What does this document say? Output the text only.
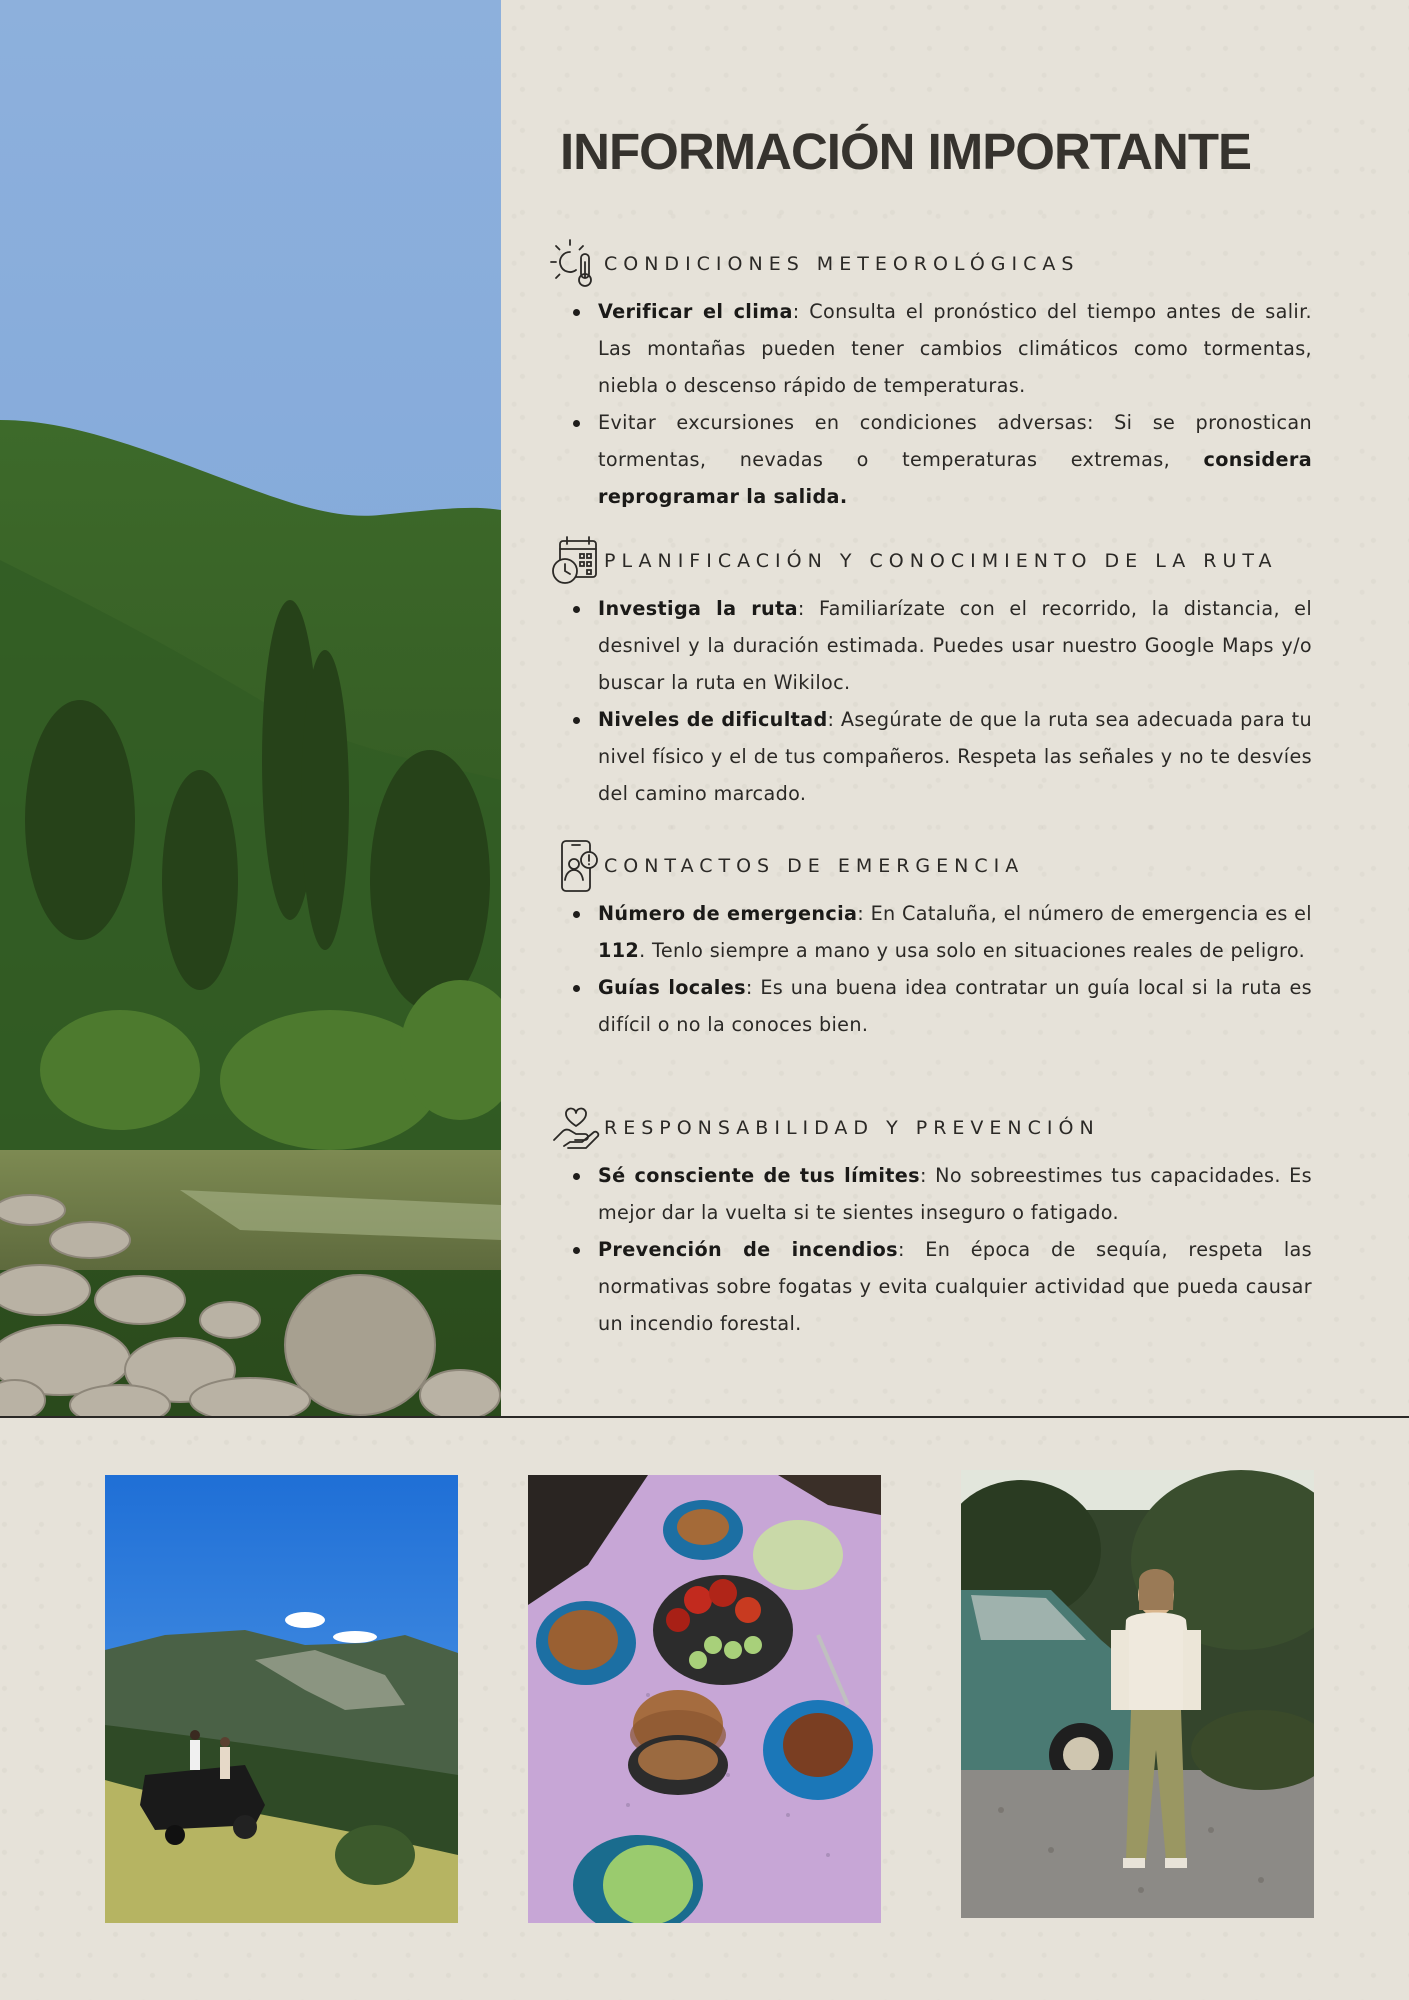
INFORMACIÓN IMPORTANTE
CONDICIONES METEOROLÓGICAS
Verificar el clima: Consulta el pronóstico del tiempo antes de salir. Las montañas pueden tener cambios climáticos como tormentas, niebla o descenso rápido de temperaturas.
Evitar excursiones en condiciones adversas: Si se pronostican tormentas, nevadas o temperaturas extremas, considera reprogramar la salida.
PLANIFICACIÓN Y CONOCIMIENTO DE LA RUTA
Investiga la ruta: Familiarízate con el recorrido, la distancia, el desnivel y la duración estimada. Puedes usar nuestro Google Maps y/o buscar la ruta en Wikiloc.
Niveles de dificultad: Asegúrate de que la ruta sea adecuada para tu nivel físico y el de tus compañeros. Respeta las señales y no te desvíes del camino marcado.
CONTACTOS DE EMERGENCIA
Número de emergencia: En Cataluña, el número de emergencia es el 112. Tenlo siempre a mano y usa solo en situaciones reales de peligro.
Guías locales: Es una buena idea contratar un guía local si la ruta es difícil o no la conoces bien.
RESPONSABILIDAD Y PREVENCIÓN
Sé consciente de tus límites: No sobreestimes tus capacidades. Es mejor dar la vuelta si te sientes inseguro o fatigado.
Prevención de incendios: En época de sequía, respeta las normativas sobre fogatas y evita cualquier actividad que pueda causar un incendio forestal.
